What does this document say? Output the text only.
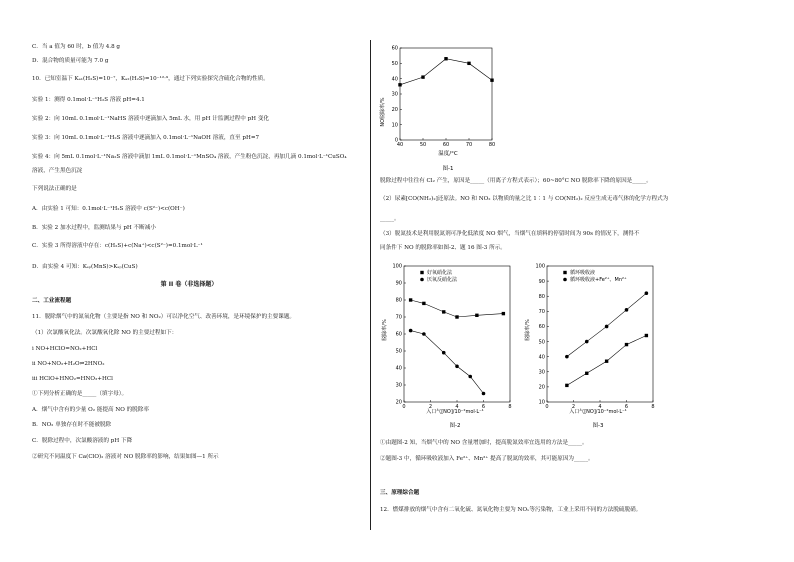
C．当 a 值为 60 时，b 值为 4.8 g
D．混合物的质量可能为 7.0 g
10．已知室温下 Kₐ₁(H₂S)=10⁻⁷，Kₐ₂(H₂S)=10⁻¹²·⁹，通过下列实验探究含硫化合物的性质。
实验 1：测得 0.1mol·L⁻¹H₂S 溶液 pH=4.1
实验 2：向 10mL 0.1mol·L⁻¹NaHS 溶液中逐滴加入 5mL 水，用 pH 计监测过程中 pH 变化
实验 3：向 10mL 0.1mol·L⁻¹H₂S 溶液中逐滴加入 0.1mol·L⁻¹NaOH 溶液，直至 pH=7
实验 4：向 5mL 0.1mol·L⁻¹Na₂S 溶液中滴加 1mL 0.1mol·L⁻¹MnSO₄ 溶液，产生粉色沉淀，再加几滴 0.1mol·L⁻¹CuSO₄
溶液，产生黑色沉淀
下列说法正确的是
A．由实验 1 可知：0.1mol·L⁻¹H₂S 溶液中 c(S²⁻)<c(OH⁻)
B．实验 2 加水过程中，监测结果与 pH 不断减小
C．实验 3 所得溶液中存在：c(H₂S)+c(Na⁺)<c(S²⁻)=0.1mol·L⁻¹
D．由实验 4 可知：Kₛₚ(MnS)>Kₛₚ(CuS)
第 II 卷（非选择题）
二、工业流程题
11．脱除烟气中的氮氧化物（主要是指 NO 和 NO₂）可以净化空气、改善环境，是环境保护的主要课题。
（1）次氯酸氧化法。次氯酸氧化除 NO 的主要过程如下：
i NO+HClO=NO₂+HCl
ii NO+NO₂+H₂O⇌2HNO₂
iii HClO+HNO₂=HNO₃+HCl
①下列分析正确的是_____（填字母）。
A．烟气中含有的少量 O₂ 能提高 NO 的脱除率
B．NO₂ 单独存在时不能被脱除
C．脱除过程中，次氯酸溶液的 pH 下降
②研究不同温度下 Ca(ClO)₂ 溶液对 NO 脱除率的影响，结果如图—1 所示
NO脱除率/%
40	50	60	70	80
0
10
20
30
40
50
60
温度/°C
图-1
脱除过程中往往有 Cl₂ 产生，原因是_____（用离子方程式表示）；60~80°C NO 脱除率下降的原因是_____。
（2）尿素[CO(NH₂)₂]还原法。NO 和 NO₂ 以物质的量之比 1∶1 与 CO(NH₂)₂ 反应生成无毒气体的化学方程式为
_____。
（3）脱氮技术是利用脱氮剂可净化低浓度 NO 烟气，当烟气在填料的停留时间为 90s 的情况下，测得不
同条件下 NO 的脱除率如图-2、题 16 图-3 所示。
脱除率/%
0	2	4	6	8
20
30
40
50
60
70
80
90
100
好氧硝化法
厌氧反硝化法
入口气[NO]/10⁻²mol·L⁻¹
图-2
脱除率/%
0	2	4	6	8
10
20
30
40
50
60
70
80
90
100
循环吸收液
循环吸收液+Fe²⁺、Mn²⁺
入口气[NO]/10⁻²mol·L⁻¹
图-3
①由题图-2 知，当烟气中的 NO 含量增加时，提高脱氮效率宜选用的方法是_____。
②题图-3 中，循环吸收液加入 Fe²⁺、Mn²⁺ 提高了脱氮的效率，其可能原因为_____。
三、原理综合题
12．燃煤排放的烟气中含有二氧化硫、氮氧化物主要为 NOₓ等污染物，工业上采用不同的方法脱硫脱硝。
